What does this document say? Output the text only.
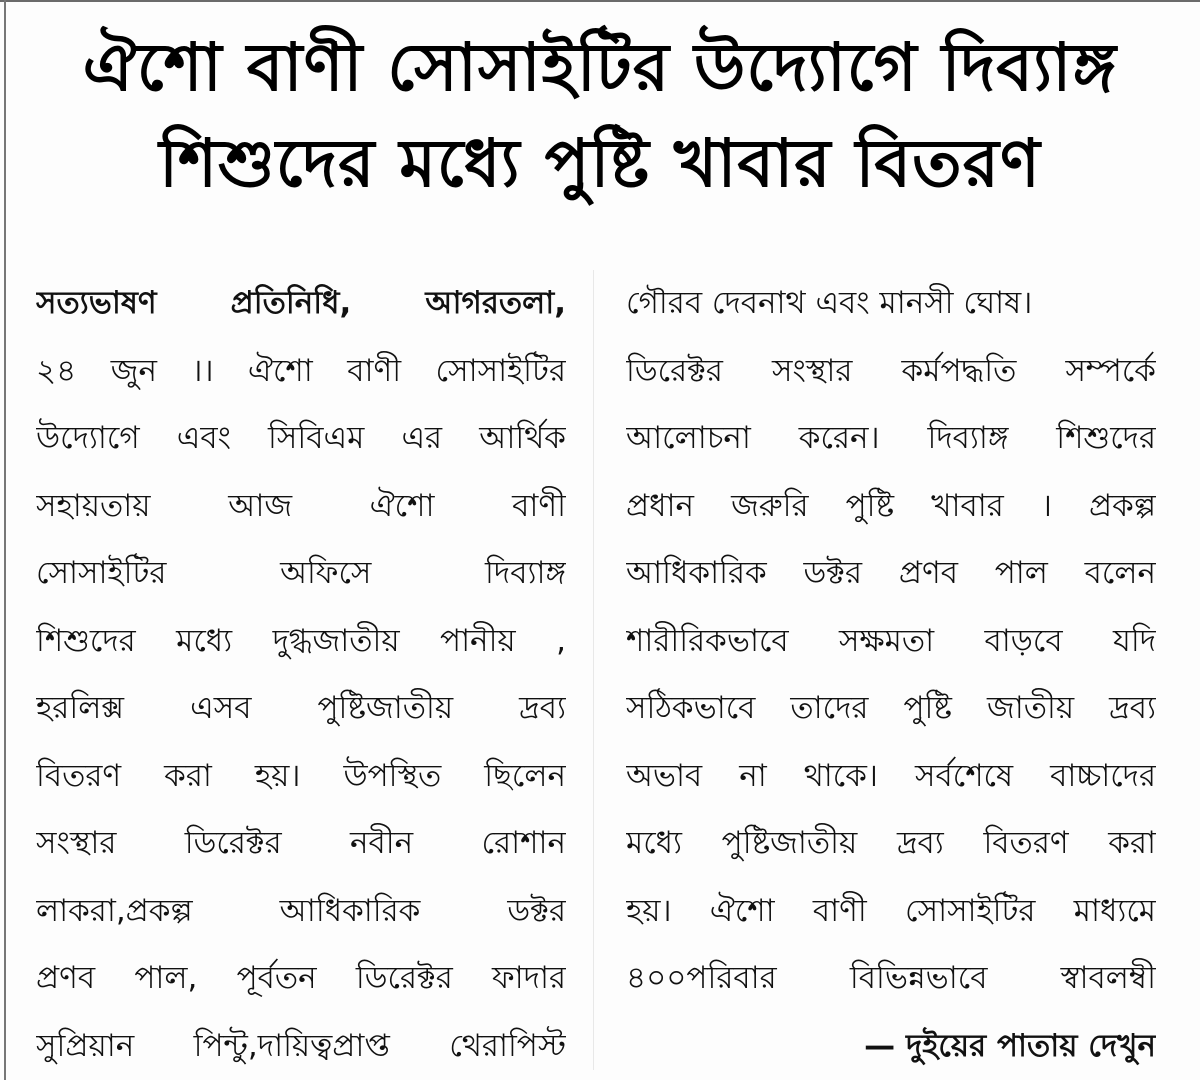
ঐশো বাণী সোসাইটির উদ্যোগে দিব্যাঙ্গ
শিশুদের মধ্যে পুষ্টি খাবার বিতরণ
সত্যভাষণ প্রতিনিধি, আগরতলা,
২৪ জুন ।। ঐশো বাণী সোসাইটির
উদ্যোগে এবং সিবিএম এর আর্থিক
সহায়তায় আজ ঐশো বাণী
সোসাইটির অফিসে দিব্যাঙ্গ
শিশুদের মধ্যে দুগ্ধজাতীয় পানীয় ,
হরলিক্স এসব পুষ্টিজাতীয় দ্রব্য
বিতরণ করা হয়। উপস্থিত ছিলেন
সংস্থার ডিরেক্টর নবীন রোশান
লাকরা,প্রকল্প আধিকারিক ডক্টর
প্রণব পাল, পূর্বতন ডিরেক্টর ফাদার
সুপ্রিয়ান পিন্টু,দায়িত্বপ্রাপ্ত থেরাপিস্ট
গৌরব দেবনাথ এবং মানসী ঘোষ।
ডিরেক্টর সংস্থার কর্মপদ্ধতি সম্পর্কে
আলোচনা করেন। দিব্যাঙ্গ শিশুদের
প্রধান জরুরি পুষ্টি খাবার । প্রকল্প
আধিকারিক ডক্টর প্রণব পাল বলেন
শারীরিকভাবে সক্ষমতা বাড়বে যদি
সঠিকভাবে তাদের পুষ্টি জাতীয় দ্রব্য
অভাব না থাকে। সর্বশেষে বাচ্চাদের
মধ্যে পুষ্টিজাতীয় দ্রব্য বিতরণ করা
হয়। ঐশো বাণী সোসাইটির মাধ্যমে
৪০০পরিবার বিভিন্নভাবে স্বাবলম্বী
— দুইয়ের পাতায় দেখুন
